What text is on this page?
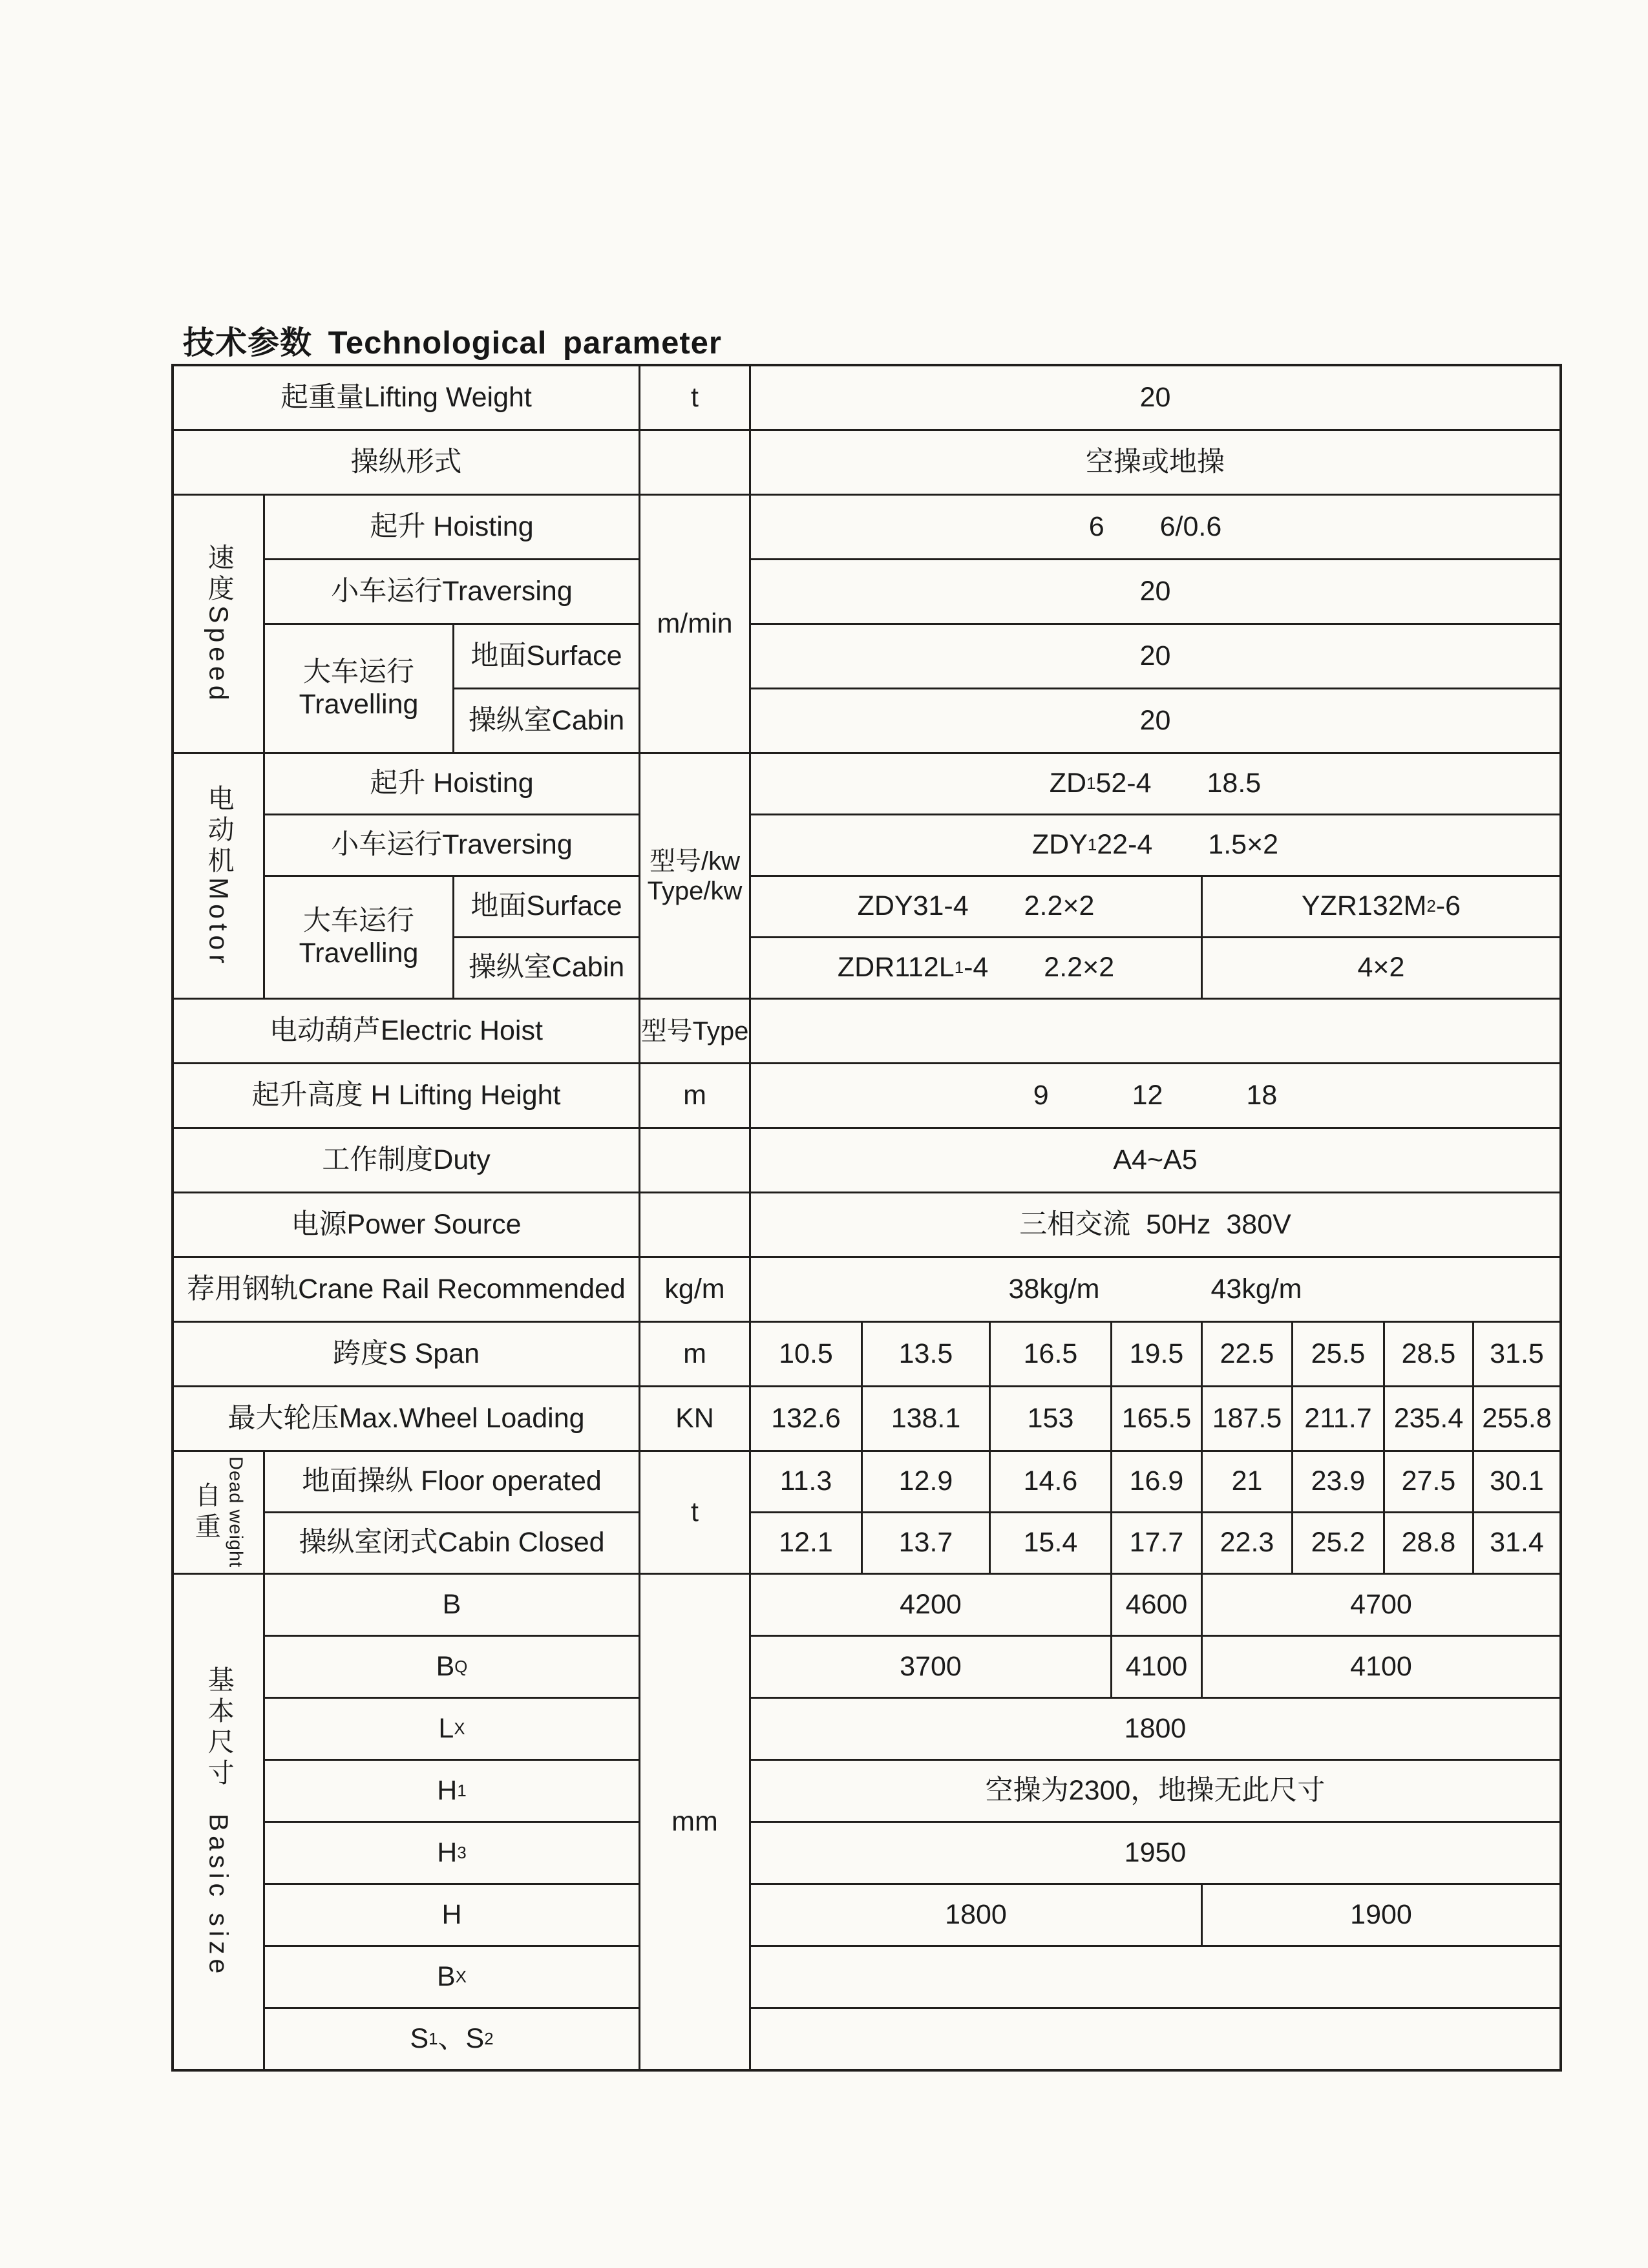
技术参数 Technological parameter
起重量Lifting Weight	t	20
操纵形式	空操或地操
速度Speed
起升 Hoisting	6  6/0.6
小车运行Traversing	20
大车运行
Travelling
地面Surface	20
操纵室Cabin	20
m/min
电动机Motor
起升 Hoisting	ZD 1 52-4  18.5
小车运行Traversing	ZDY 1 22-4  1.5×2
大车运行
Travelling
地面Surface	ZDY31-4  2.2×2	YZR132M 2 -6
操纵室Cabin	ZDR112L 1 -4  2.2×2	4×2
型号/kw
Type/kw
电动葫芦Electric Hoist	型号Type
起升高度 H Lifting Height	m	9   12   18
工作制度Duty	A4~A5
电源Power Source	三相交流  50Hz  380V
荐用钢轨Crane Rail Recommended	kg/m	38kg/m    43kg/m
跨度S Span	m	10.5	13.5	16.5	19.5	22.5	25.5	28.5	31.5
最大轮压Max.Wheel Loading	KN	132.6	138.1	153	165.5 187.5 211.7 235.4 255.8
自重 Dead weight	t
地面操纵 Floor operated	11.3	12.9	14.6	16.9	21	23.9	27.5	30.1
操纵室闭式Cabin Closed	12.1	13.7	15.4	17.7	22.3	25.2	28.8	31.4
基本尺寸  Basic size	mm
B	4200	4600	4700
B Q	3700	4100	4100
L X	1800
H 1	空操为2300，地操无此尺寸
H 3	1950
H	1800	1900
B X
S 1 、S 2
